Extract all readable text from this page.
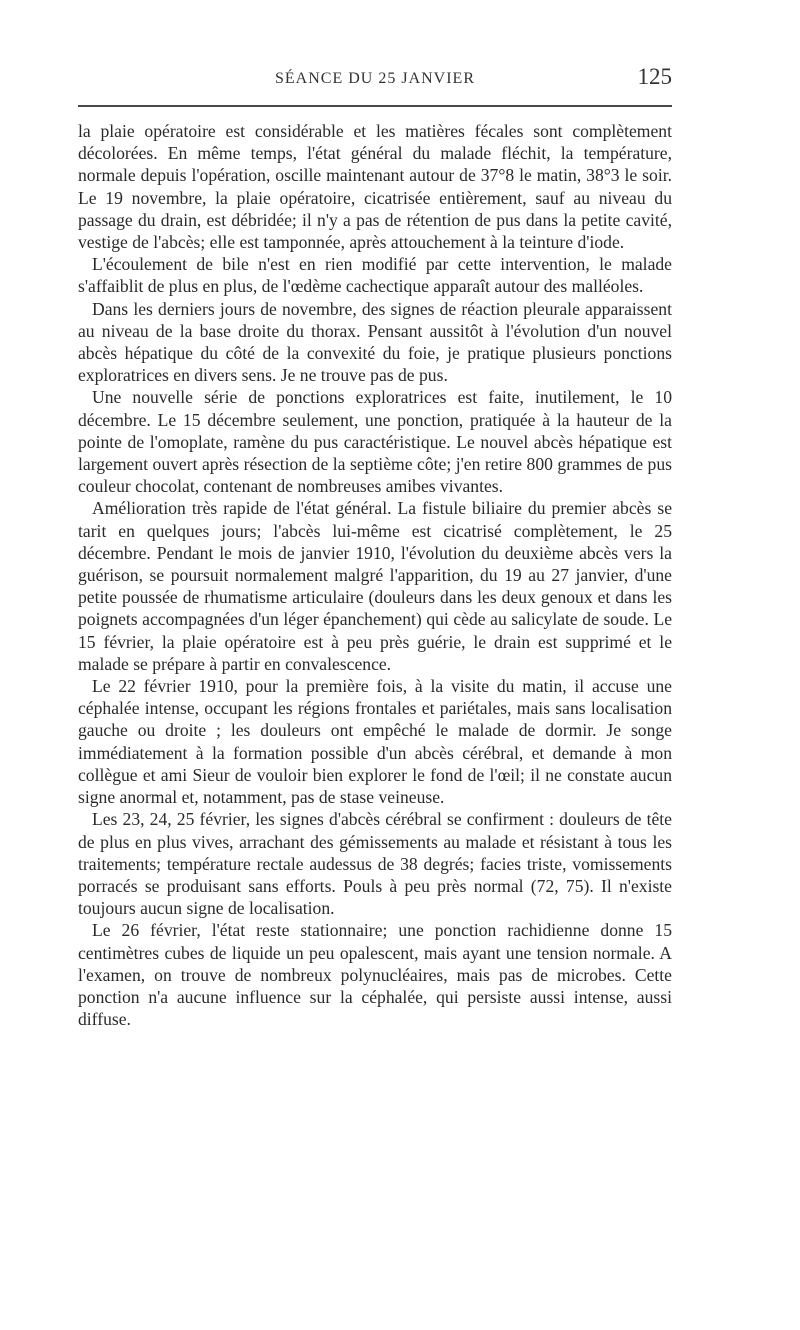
SÉANCE DU 25 JANVIER	125

la plaie opératoire est considérable et les matières fécales sont complètement décolorées. En même temps, l'état général du malade fléchit, la température, normale depuis l'opération, oscille maintenant autour de 37°8 le matin, 38°3 le soir. Le 19 novembre, la plaie opératoire, cicatrisée entièrement, sauf au niveau du passage du drain, est débridée; il n'y a pas de rétention de pus dans la petite cavité, vestige de l'abcès; elle est tamponnée, après attouchement à la teinture d'iode.

L'écoulement de bile n'est en rien modifié par cette intervention, le malade s'affaiblit de plus en plus, de l'œdème cachectique apparaît autour des malléoles.

Dans les derniers jours de novembre, des signes de réaction pleurale apparaissent au niveau de la base droite du thorax. Pensant aussitôt à l'évolution d'un nouvel abcès hépatique du côté de la convexité du foie, je pratique plusieurs ponctions exploratrices en divers sens. Je ne trouve pas de pus.

Une nouvelle série de ponctions exploratrices est faite, inutilement, le 10 décembre. Le 15 décembre seulement, une ponction, pratiquée à la hauteur de la pointe de l'omoplate, ramène du pus caractéristique. Le nouvel abcès hépatique est largement ouvert après résection de la septième côte; j'en retire 800 grammes de pus couleur chocolat, contenant de nombreuses amibes vivantes.

Amélioration très rapide de l'état général. La fistule biliaire du premier abcès se tarit en quelques jours; l'abcès lui-même est cicatrisé complètement, le 25 décembre. Pendant le mois de janvier 1910, l'évolution du deuxième abcès vers la guérison, se poursuit normalement malgré l'apparition, du 19 au 27 janvier, d'une petite poussée de rhumatisme articulaire (douleurs dans les deux genoux et dans les poignets accompagnées d'un léger épanchement) qui cède au salicylate de soude. Le 15 février, la plaie opératoire est à peu près guérie, le drain est supprimé et le malade se prépare à partir en convalescence.

Le 22 février 1910, pour la première fois, à la visite du matin, il accuse une céphalée intense, occupant les régions frontales et pariétales, mais sans localisation gauche ou droite ; les douleurs ont empêché le malade de dormir. Je songe immédiatement à la formation possible d'un abcès cérébral, et demande à mon collègue et ami Sieur de vouloir bien explorer le fond de l'œil; il ne constate aucun signe anormal et, notamment, pas de stase veineuse.

Les 23, 24, 25 février, les signes d'abcès cérébral se confirment : douleurs de tête de plus en plus vives, arrachant des gémissements au malade et résistant à tous les traitements; température rectale audessus de 38 degrés; facies triste, vomissements porracés se produisant sans efforts. Pouls à peu près normal (72, 75). Il n'existe toujours aucun signe de localisation.

Le 26 février, l'état reste stationnaire; une ponction rachidienne donne 15 centimètres cubes de liquide un peu opalescent, mais ayant une tension normale. A l'examen, on trouve de nombreux polynucléaires, mais pas de microbes. Cette ponction n'a aucune influence sur la céphalée, qui persiste aussi intense, aussi diffuse.
